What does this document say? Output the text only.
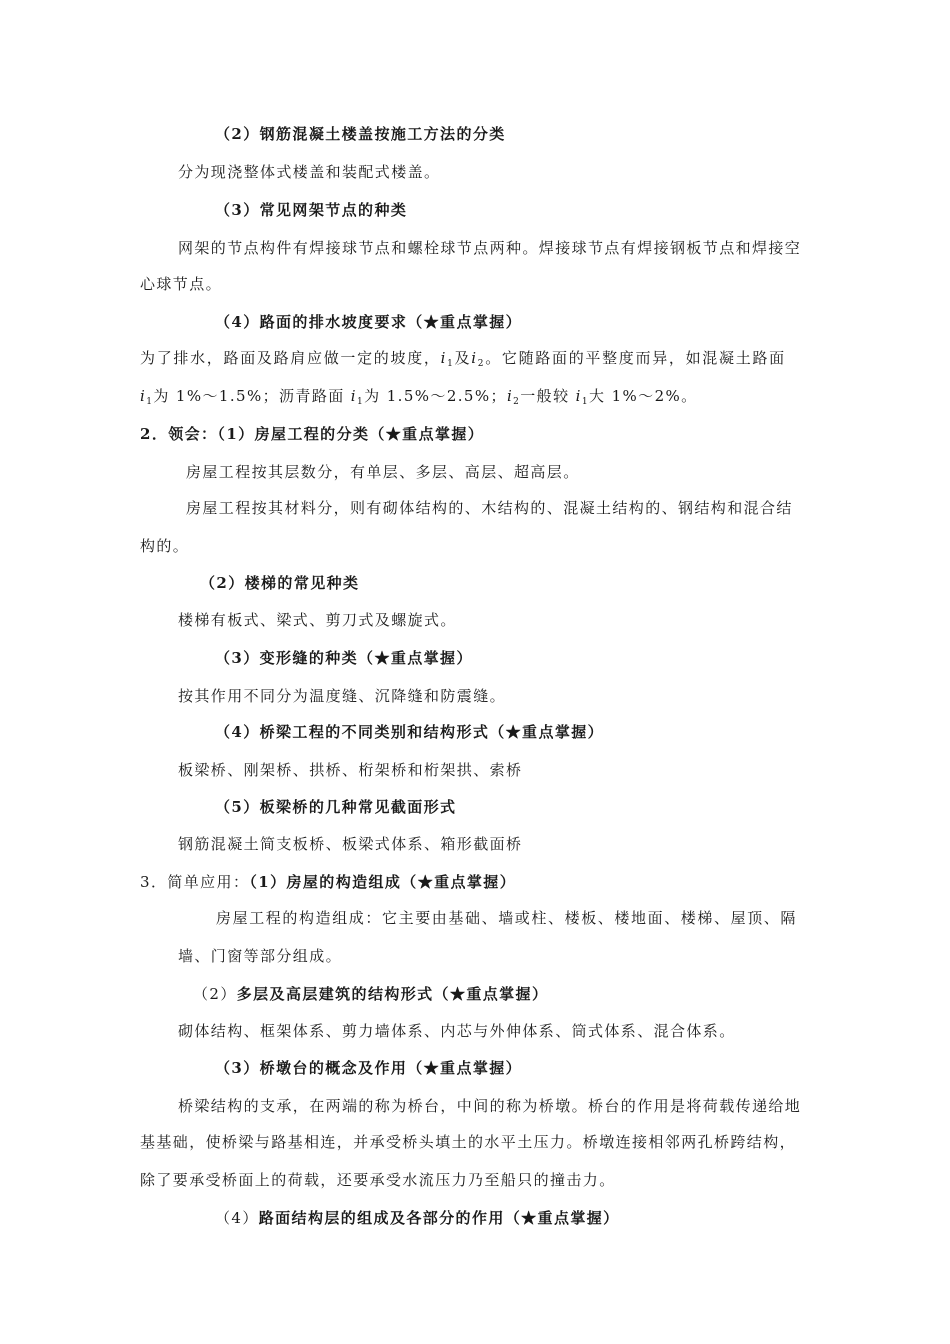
（2）钢筋混凝土楼盖按施工方法的分类
分为现浇整体式楼盖和装配式楼盖。
（3）常见网架节点的种类
网架的节点构件有焊接球节点和螺栓球节点两种。焊接球节点有焊接钢板节点和焊接空
心球节点。
（4）路面的排水坡度要求（★重点掌握）
为了排水，路面及路肩应做一定的坡度，$i_1$及$i_2$。它随路面的平整度而异，如混凝土路面
$i_1$为 1%～1.5%；沥青路面 $i_1$为 1.5%～2.5%；$i_2$一般较 $i_1$大 1%～2%。
2．领会：（1）房屋工程的分类（★重点掌握）
房屋工程按其层数分，有单层、多层、高层、超高层。
房屋工程按其材料分，则有砌体结构的、木结构的、混凝土结构的、钢结构和混合结
构的。
（2）楼梯的常见种类
楼梯有板式、梁式、剪刀式及螺旋式。
（3）变形缝的种类（★重点掌握）
按其作用不同分为温度缝、沉降缝和防震缝。
（4）桥梁工程的不同类别和结构形式（★重点掌握）
板梁桥、刚架桥、拱桥、桁架桥和桁架拱、索桥
（5）板梁桥的几种常见截面形式
钢筋混凝土简支板桥、板梁式体系、箱形截面桥
3．简单应用：（1）房屋的构造组成（★重点掌握）
房屋工程的构造组成：它主要由基础、墙或柱、楼板、楼地面、楼梯、屋顶、隔
墙、门窗等部分组成。
（2）多层及高层建筑的结构形式（★重点掌握）
砌体结构、框架体系、剪力墙体系、内芯与外伸体系、筒式体系、混合体系。
（3）桥墩台的概念及作用（★重点掌握）
桥梁结构的支承，在两端的称为桥台，中间的称为桥墩。桥台的作用是将荷载传递给地
基基础，使桥梁与路基相连，并承受桥头填土的水平土压力。桥墩连接相邻两孔桥跨结构，
除了要承受桥面上的荷载，还要承受水流压力乃至船只的撞击力。
（4）路面结构层的组成及各部分的作用（★重点掌握）
